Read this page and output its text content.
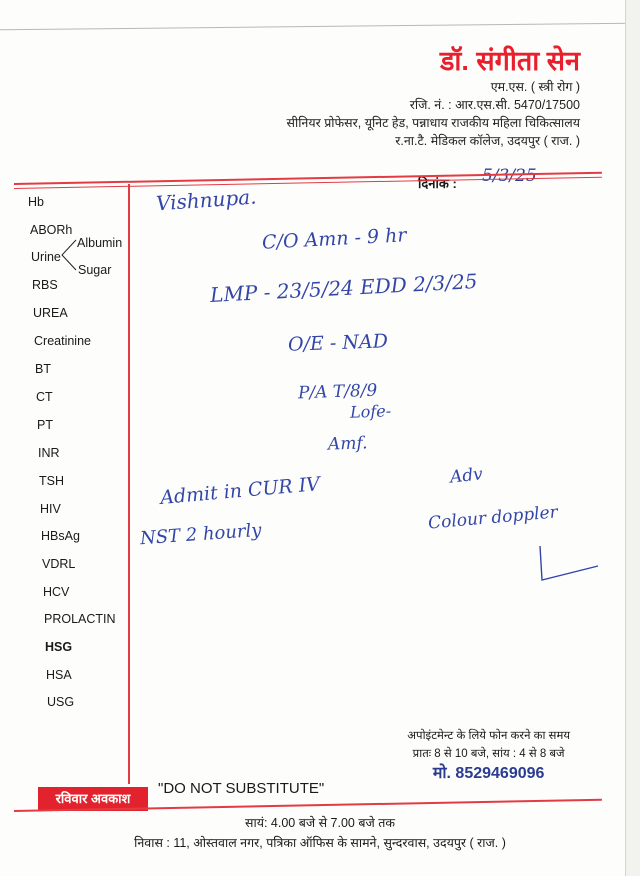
डॉ. संगीता सेन
एम.एस. ( स्त्री रोग )
रजि. नं. : आर.एस.सी. 5470/17500
सीनियर प्रोफेसर, यूनिट हेड, पन्नाधाय राजकीय महिला चिकित्सालय
र.ना.टै. मेडिकल कॉलेज, उदयपुर ( राज. )
दिनांक : 5/3/25
Hb
ABORh
Urine
Albumin
Sugar
RBS
UREA
Creatinine
BT
CT
PT
INR
TSH
HIV
HBsAg
VDRL
HCV
PROLACTIN
HSG
HSA
USG
Vishnupa.
C/O Amn - 9 hr
LMP - 23/5/24 EDD 2/3/25
O/E - NAD
P/A T/8/9
Lofe-
Amf.
Admit in CUR IV	Adv
Colour doppler
NST 2 hourly
अपोइंटमेन्ट के लिये फोन करने का समय
प्रातः 8 से 10 बजे, सांय : 4 से 8 बजे
मो. 8529469096
रविवार अवकाश
"DO NOT SUBSTITUTE"
सायं: 4.00 बजे से 7.00 बजे तक
निवास : 11, ओस्तवाल नगर, पत्रिका ऑफिस के सामने, सुन्दरवास, उदयपुर ( राज. )
